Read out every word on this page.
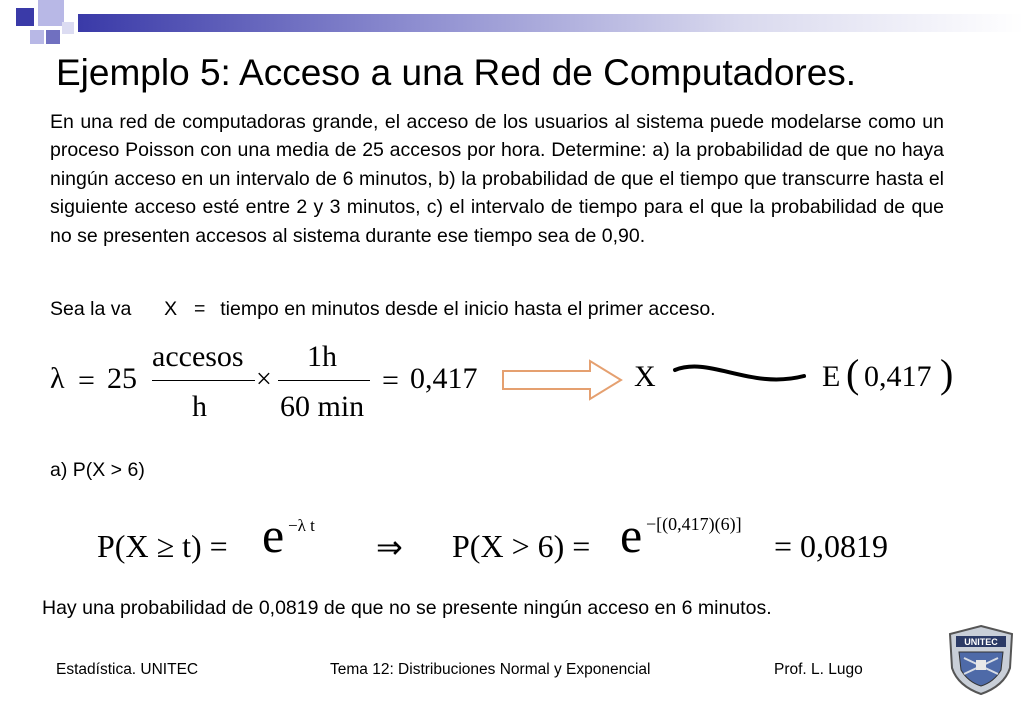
Ejemplo 5: Acceso a una Red de Computadores.
En una red de computadoras grande, el acceso de los usuarios al sistema puede modelarse como un proceso Poisson con una media de 25 accesos por hora. Determine: a) la probabilidad de que no haya ningún acceso en un intervalo de 6 minutos, b) la probabilidad de que el tiempo que transcurre hasta el siguiente acceso esté entre 2 y 3 minutos, c) el intervalo de tiempo para el que la probabilidad de que no se presenten accesos al sistema durante ese tiempo sea de 0,90.
Sea la va X = tiempo en minutos desde el inicio hasta el primer acceso.
λ = 25
accesos
h
×
1h
60 min
= 0,417	X	E ( 0,417 )
a) P(X > 6)
P(X ≥ t) = e −λ t
⇒ P(X > 6) = e −[(0,417)(6)]
= 0,0819
Hay una probabilidad de 0,0819 de que no se presente ningún acceso en 6 minutos.
Estadística. UNITEC	Tema 12: Distribuciones Normal y Exponencial	Prof. L. Lugo
UNITEC
